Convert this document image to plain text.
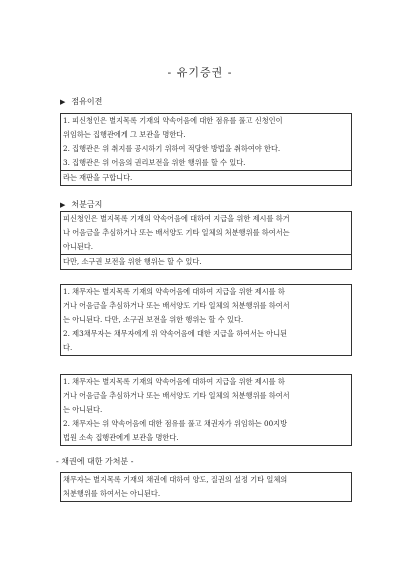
- 유기증권 -
▶ 점유이전

1. 피신청인은 별지목록 기재의 약속어음에 대한 점유를 풀고 신청인이

위임하는 집행관에게 그 보관을 명한다.

2. 집행관은 위 취지를 공시하기 위하여 적당한 방법을 취하여야 한다.

3. 집행관은 위 어음의 권리보전을 위한 행위를 할 수 있다.

라는 재판을 구합니다.

▶ 처분금지

피신청인은 별지목록 기재의 약속어음에 대하여 지급을 위한 제시를 하거

나 어음금을 추심하거나 또는 배서양도 기타 일체의 처분행위를 하여서는

아니된다.

다만, 소구권 보전을 위한 행위는 할 수 있다.

1. 채무자는 별지목록 기재의 약속어음에 대하여 지급을 위한 제시를 하

거나 어음금을 추심하거나 또는 배서양도 기타 일체의 처분행위를 하여서

는 아니된다. 다만, 소구권 보전을 위한 행위는 할 수 있다.

2. 제3채무자는 채무자에게 위 약속어음에 대한 지급을 하여서는 아니된

다.

1. 채무자는 별지목록 기재의 약속어음에 대하여 지급을 위한 제시를 하

거나 어음금을 추심하거나 또는 배서양도 기타 일체의 처분행위를 하여서

는 아니된다.

2. 채무자는 위 약속어음에 대한 점유를 풀고 채권자가 위임하는 00지방

법원 소속 집행관에게 보관을 명한다.

- 채권에 대한 가처분 -

채무자는 별지목록 기재의 채권에 대하여 양도, 질권의 설정 기타 일체의

처분행위를 하여서는 아니된다.
